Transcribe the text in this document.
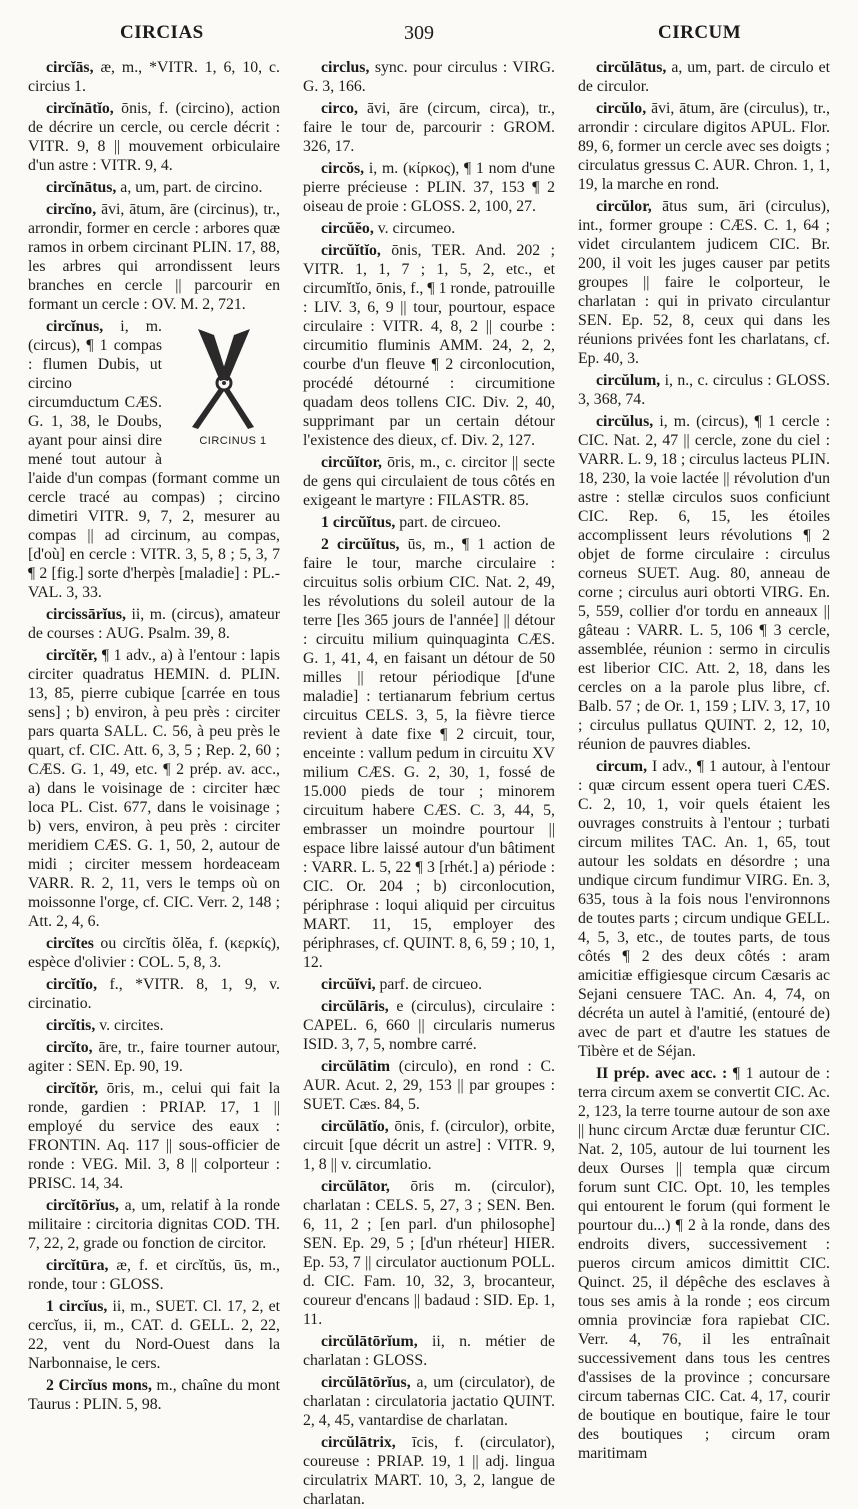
CIRCIAS	309	CIRCUM

circĭās, æ, m., *VITR. 1, 6, 10, c. circius 1.

circĭnātĭo, ōnis, f. (circino), action de décrire un cercle, ou cercle décrit : VITR. 9, 8 || mouvement orbiculaire d'un astre : VITR. 9, 4.

circĭnātus, a, um, part. de circino.

circĭno, āvi, ātum, āre (circinus), tr., arrondir, former en cercle : arbores quæ ramos in orbem circinant PLIN. 17, 88, les arbres qui arrondissent leurs branches en cercle || parcourir en formant un cercle : OV. M. 2, 721.

CIRCINUS 1
circĭnus, i, m. (circus), ¶ 1 compas : flumen Dubis, ut circino circumductum CÆS. G. 1, 38, le Doubs, ayant pour ainsi dire mené tout autour à l'aide d'un compas (formant comme un cercle tracé au compas) ; circino dimetiri VITR. 9, 7, 2, mesurer au compas || ad circinum, au compas, [d'où] en cercle : VITR. 3, 5, 8 ; 5, 3, 7 ¶ 2 [fig.] sorte d'herpès [maladie] : PL.-VAL. 3, 33.

circissārĭus, ii, m. (circus), amateur de courses : AUG. Psalm. 39, 8.

circĭtĕr, ¶ 1 adv., a) à l'entour : lapis circiter quadratus HEMIN. d. PLIN. 13, 85, pierre cubique [carrée en tous sens] ; b) environ, à peu près : circiter pars quarta SALL. C. 56, à peu près le quart, cf. CIC. Att. 6, 3, 5 ; Rep. 2, 60 ; CÆS. G. 1, 49, etc. ¶ 2 prép. av. acc., a) dans le voisinage de : circiter hæc loca PL. Cist. 677, dans le voisinage ; b) vers, environ, à peu près : circiter meridiem CÆS. G. 1, 50, 2, autour de midi ; circiter messem hordeaceam VARR. R. 2, 11, vers le temps où on moissonne l'orge, cf. CIC. Verr. 2, 148 ; Att. 2, 4, 6.

circĭtes ou circĭtis ŏlĕa, f. (κερκίς), espèce d'olivier : COL. 5, 8, 3.

circĭtĭo, f., *VITR. 8, 1, 9, v. circinatio.

circĭtis, v. circites.

circĭto, āre, tr., faire tourner autour, agiter : SEN. Ep. 90, 19.

circĭtŏr, ōris, m., celui qui fait la ronde, gardien : PRIAP. 17, 1 || employé du service des eaux : FRONTIN. Aq. 117 || sous-officier de ronde : VEG. Mil. 3, 8 || colporteur : PRISC. 14, 34.

circĭtōrĭus, a, um, relatif à la ronde militaire : circitoria dignitas COD. TH. 7, 22, 2, grade ou fonction de circitor.

circĭtūra, æ, f. et circĭtŭs, ūs, m., ronde, tour : GLOSS.

1 circĭus, ii, m., SUET. Cl. 17, 2, et cercĭus, ii, m., CAT. d. GELL. 2, 22, 22, vent du Nord-Ouest dans la Narbonnaise, le cers.

2 Circĭus mons, m., chaîne du mont Taurus : PLIN. 5, 98.

circlus, sync. pour circulus : VIRG. G. 3, 166.

circo, āvi, āre (circum, circa), tr., faire le tour de, parcourir : GROM. 326, 17.

circŏs, i, m. (κίρκος), ¶ 1 nom d'une pierre précieuse : PLIN. 37, 153 ¶ 2 oiseau de proie : GLOSS. 2, 100, 27.

circŭĕo, v. circumeo.

circŭĭtĭo, ōnis, TER. And. 202 ; VITR. 1, 1, 7 ; 1, 5, 2, etc., et circumĭtĭo, ōnis, f., ¶ 1 ronde, patrouille : LIV. 3, 6, 9 || tour, pourtour, espace circulaire : VITR. 4, 8, 2 || courbe : circumitio fluminis AMM. 24, 2, 2, courbe d'un fleuve ¶ 2 circonlocution, procédé détourné : circumitione quadam deos tollens CIC. Div. 2, 40, supprimant par un certain détour l'existence des dieux, cf. Div. 2, 127.

circŭĭtor, ōris, m., c. circitor || secte de gens qui circulaient de tous côtés en exigeant le martyre : FILASTR. 85.

1 circŭĭtus, part. de circueo.

2 circŭĭtus, ūs, m., ¶ 1 action de faire le tour, marche circulaire : circuitus solis orbium CIC. Nat. 2, 49, les révolutions du soleil autour de la terre [les 365 jours de l'année] || détour : circuitu milium quinquaginta CÆS. G. 1, 41, 4, en faisant un détour de 50 milles || retour périodique [d'une maladie] : tertianarum febrium certus circuitus CELS. 3, 5, la fièvre tierce revient à date fixe ¶ 2 circuit, tour, enceinte : vallum pedum in circuitu XV milium CÆS. G. 2, 30, 1, fossé de 15.000 pieds de tour ; minorem circuitum habere CÆS. C. 3, 44, 5, embrasser un moindre pourtour || espace libre laissé autour d'un bâtiment : VARR. L. 5, 22 ¶ 3 [rhét.] a) période : CIC. Or. 204 ; b) circonlocution, périphrase : loqui aliquid per circuitus MART. 11, 15, employer des périphrases, cf. QUINT. 8, 6, 59 ; 10, 1, 12.

circŭĭvi, parf. de circueo.

circŭlāris, e (circulus), circulaire : CAPEL. 6, 660 || circularis numerus ISID. 3, 7, 5, nombre carré.

circŭlātim (circulo), en rond : C. AUR. Acut. 2, 29, 153 || par groupes : SUET. Cæs. 84, 5.

circŭlātĭo, ōnis, f. (circulor), orbite, circuit [que décrit un astre] : VITR. 9, 1, 8 || v. circumlatio.

circŭlātor, ōris m. (circulor), charlatan : CELS. 5, 27, 3 ; SEN. Ben. 6, 11, 2 ; [en parl. d'un philosophe] SEN. Ep. 29, 5 ; [d'un rhéteur] HIER. Ep. 53, 7 || circulator auctionum POLL. d. CIC. Fam. 10, 32, 3, brocanteur, coureur d'encans || badaud : SID. Ep. 1, 11.

circŭlātōrĭum, ii, n. métier de charlatan : GLOSS.

circŭlātōrĭus, a, um (circulator), de charlatan : circulatoria jactatio QUINT. 2, 4, 45, vantardise de charlatan.

circŭlātrix, īcis, f. (circulator), coureuse : PRIAP. 19, 1 || adj. lingua circulatrix MART. 10, 3, 2, langue de charlatan.

circŭlātus, a, um, part. de circulo et de circulor.

circŭlo, āvi, ātum, āre (circulus), tr., arrondir : circulare digitos APUL. Flor. 89, 6, former un cercle avec ses doigts ; circulatus gressus C. AUR. Chron. 1, 1, 19, la marche en rond.

circŭlor, ātus sum, āri (circulus), int., former groupe : CÆS. C. 1, 64 ; videt circulantem judicem CIC. Br. 200, il voit les juges causer par petits groupes || faire le colporteur, le charlatan : qui in privato circulantur SEN. Ep. 52, 8, ceux qui dans les réunions privées font les charlatans, cf. Ep. 40, 3.

circŭlum, i, n., c. circulus : GLOSS. 3, 368, 74.

circŭlus, i, m. (circus), ¶ 1 cercle : CIC. Nat. 2, 47 || cercle, zone du ciel : VARR. L. 9, 18 ; circulus lacteus PLIN. 18, 230, la voie lactée || révolution d'un astre : stellæ circulos suos conficiunt CIC. Rep. 6, 15, les étoiles accomplissent leurs révolutions ¶ 2 objet de forme circulaire : circulus corneus SUET. Aug. 80, anneau de corne ; circulus auri obtorti VIRG. En. 5, 559, collier d'or tordu en anneaux || gâteau : VARR. L. 5, 106 ¶ 3 cercle, assemblée, réunion : sermo in circulis est liberior CIC. Att. 2, 18, dans les cercles on a la parole plus libre, cf. Balb. 57 ; de Or. 1, 159 ; LIV. 3, 17, 10 ; circulus pullatus QUINT. 2, 12, 10, réunion de pauvres diables.

circum, I adv., ¶ 1 autour, à l'entour : quæ circum essent opera tueri CÆS. C. 2, 10, 1, voir quels étaient les ouvrages construits à l'entour ; turbati circum milites TAC. An. 1, 65, tout autour les soldats en désordre ; una undique circum fundimur VIRG. En. 3, 635, tous à la fois nous l'environnons de toutes parts ; circum undique GELL. 4, 5, 3, etc., de toutes parts, de tous côtés ¶ 2 des deux côtés : aram amicitiæ effigiesque circum Cæsaris ac Sejani censuere TAC. An. 4, 74, on décréta un autel à l'amitié, (entouré de) avec de part et d'autre les statues de Tibère et de Séjan.

II prép. avec acc. : ¶ 1 autour de : terra circum axem se convertit CIC. Ac. 2, 123, la terre tourne autour de son axe || hunc circum Arctæ duæ feruntur CIC. Nat. 2, 105, autour de lui tournent les deux Ourses || templa quæ circum forum sunt CIC. Opt. 10, les temples qui entourent le forum (qui forment le pourtour du...) ¶ 2 à la ronde, dans des endroits divers, successivement : pueros circum amicos dimittit CIC. Quinct. 25, il dépêche des esclaves à tous ses amis à la ronde ; eos circum omnia provinciæ fora rapiebat CIC. Verr. 4, 76, il les entraînait successivement dans tous les centres d'assises de la province ; concursare circum tabernas CIC. Cat. 4, 17, courir de boutique en boutique, faire le tour des boutiques ; circum oram maritimam
